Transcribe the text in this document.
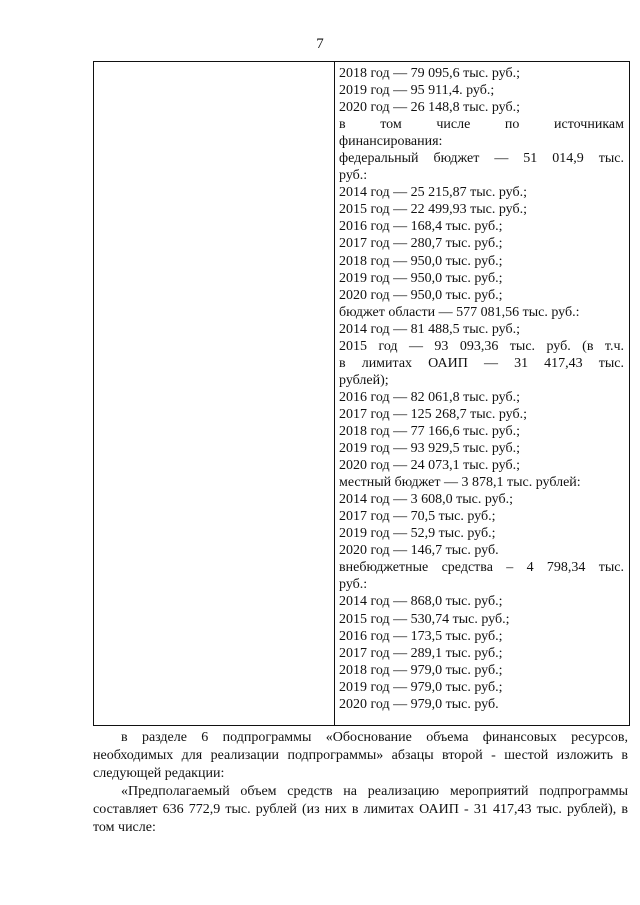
7
2018 год — 79 095,6 тыс. руб.;
2019 год — 95 911,4. руб.;
2020 год — 26 148,8 тыс. руб.;
в том числе по источникам
финансирования:
федеральный бюджет — 51 014,9 тыс.
руб.:
2014 год — 25 215,87 тыс. руб.;
2015 год — 22 499,93 тыс. руб.;
2016 год — 168,4 тыс. руб.;
2017 год — 280,7 тыс. руб.;
2018 год — 950,0 тыс. руб.;
2019 год — 950,0 тыс. руб.;
2020 год — 950,0 тыс. руб.;
бюджет области — 577 081,56 тыс. руб.:
2014 год — 81 488,5 тыс. руб.;
2015 год — 93 093,36 тыс. руб. (в т.ч.
в лимитах ОАИП — 31 417,43 тыс.
рублей);
2016 год — 82 061,8 тыс. руб.;
2017 год — 125 268,7 тыс. руб.;
2018 год — 77 166,6 тыс. руб.;
2019 год — 93 929,5 тыс. руб.;
2020 год — 24 073,1 тыс. руб.;
местный бюджет — 3 878,1 тыс. рублей:
2014 год — 3 608,0 тыс. руб.;
2017 год — 70,5 тыс. руб.;
2019 год — 52,9 тыс. руб.;
2020 год — 146,7 тыс. руб.
внебюджетные средства – 4 798,34 тыс.
руб.:
2014 год — 868,0 тыс. руб.;
2015 год — 530,74 тыс. руб.;
2016 год — 173,5 тыс. руб.;
2017 год — 289,1 тыс. руб.;
2018 год — 979,0 тыс. руб.;
2019 год — 979,0 тыс. руб.;
2020 год — 979,0 тыс. руб.

в разделе 6 подпрограммы «Обоснование объема финансовых ресурсов, необходимых для реализации подпрограммы» абзацы второй - шестой изложить в следующей редакции:

«Предполагаемый объем средств на реализацию мероприятий подпрограммы составляет 636 772,9 тыс. рублей (из них в лимитах ОАИП - 31 417,43 тыс. рублей), в том числе:
